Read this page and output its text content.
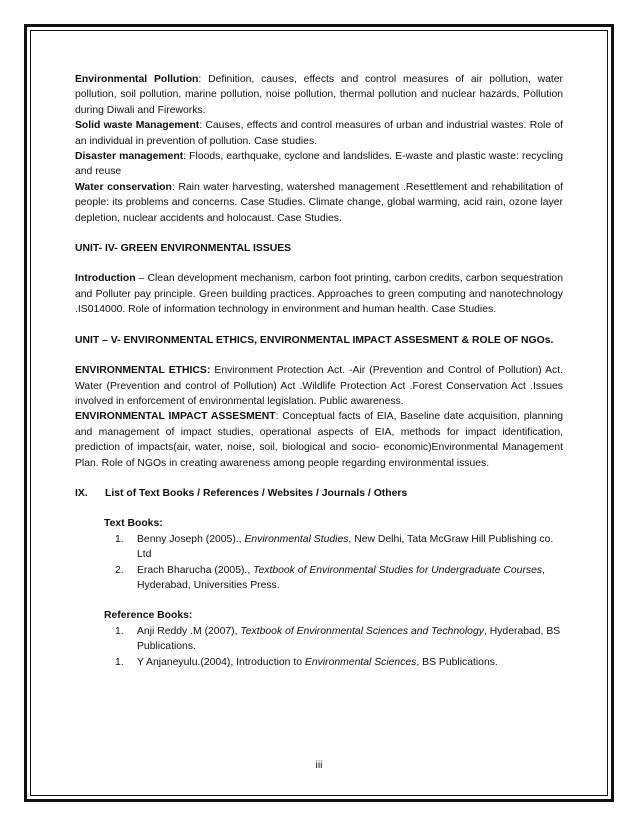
Environmental Pollution: Definition, causes, effects and control measures of air pollution, water pollution, soil pollution, marine pollution, noise pollution, thermal pollution and nuclear hazards, Pollution during Diwali and Fireworks.

Solid waste Management: Causes, effects and control measures of urban and industrial wastes. Role of an individual in prevention of pollution. Case studies.

Disaster management: Floods, earthquake, cyclone and landslides. E-waste and plastic waste: recycling and reuse

Water conservation: Rain water harvesting, watershed management .Resettlement and rehabilitation of people: its problems and concerns. Case Studies. Climate change, global warming, acid rain, ozone layer depletion, nuclear accidents and holocaust. Case Studies.

UNIT- IV- GREEN ENVIRONMENTAL ISSUES

Introduction – Clean development mechanism, carbon foot printing, carbon credits, carbon sequestration and Polluter pay principle. Green building practices. Approaches to green computing and nanotechnology .IS014000. Role of information technology in environment and human health. Case Studies.

UNIT – V- ENVIRONMENTAL ETHICS, ENVIRONMENTAL IMPACT ASSESMENT & ROLE OF NGOs.

ENVIRONMENTAL ETHICS: Environment Protection Act. -Air (Prevention and Control of Pollution) Act. Water (Prevention and control of Pollution) Act .Wildlife Protection Act .Forest Conservation Act .Issues involved in enforcement of environmental legislation. Public awareness.

ENVIRONMENTAL IMPACT ASSESMENT: Conceptual facts of EIA, Baseline date acquisition, planning and management of impact studies, operational aspects of EIA, methods for impact identification, prediction of impacts(air, water, noise, soil, biological and socio- economic)Environmental Management Plan. Role of NGOs in creating awareness among people regarding environmental issues.

IX.	List of Text Books / References / Websites / Journals / Others
Text Books:
1.	Benny Joseph (2005)., Environmental Studies, New Delhi, Tata McGraw Hill Publishing co. Ltd
2.	Erach Bharucha (2005)., Textbook of Environmental Studies for Undergraduate Courses, Hyderabad, Universities Press.
Reference Books:
1.	Anji Reddy .M (2007), Textbook of Environmental Sciences and Technology, Hyderabad, BS Publications.
1.	Y Anjaneyulu.(2004), Introduction to Environmental Sciences, BS Publications.
iii
